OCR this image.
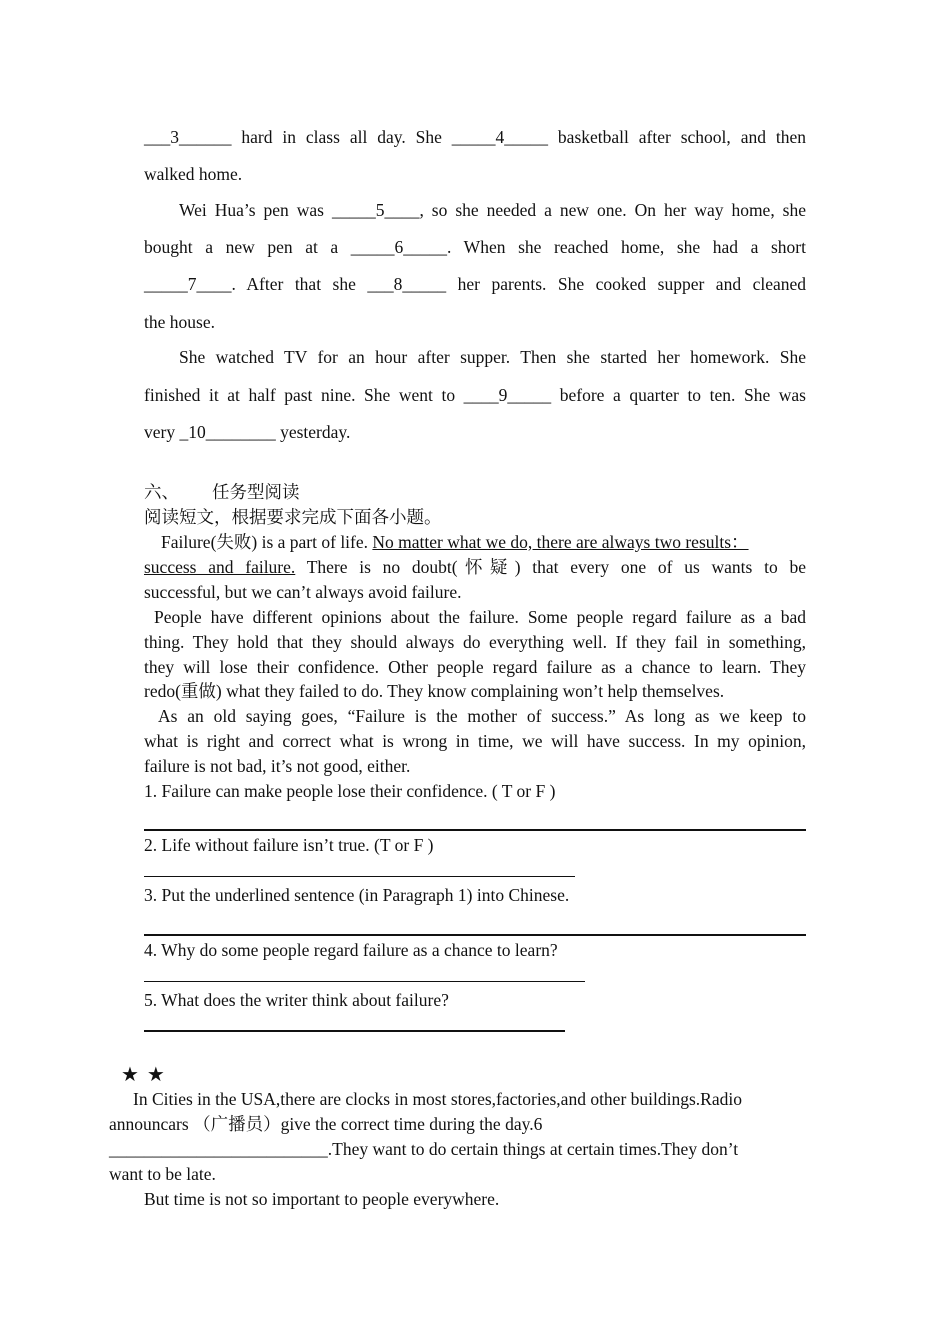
___3______ hard in class all day. She _____4_____ basketball after school, and then
walked home.
Wei Hua’s pen was _____5____, so she needed a new one. On her way home, she
bought a new pen at a _____6_____. When she reached home, she had a short
_____7____. After that she ___8_____ her parents. She cooked supper and cleaned
the house.
She watched TV for an hour after supper. Then she started her homework. She
finished it at half past nine. She went to ____9_____ before a quarter to ten. She was
very _10________ yesterday.
六、 任务型阅读
阅读短文，根据要求完成下面各小题。
Failure(失败) is a part of life. No matter what we do, there are always two results：
success and failure. There is no doubt(怀疑) that every one of us wants to be
successful, but we can’t always avoid failure.
People have different opinions about the failure. Some people regard failure as a bad
thing. They hold that they should always do everything well. If they fail in something,
they will lose their confidence. Other people regard failure as a chance to learn. They
redo(重做) what they failed to do. They know complaining won’t help themselves.
As an old saying goes, “Failure is the mother of success.” As long as we keep to
what is right and correct what is wrong in time, we will have success. In my opinion,
failure is not bad, it’s not good, either.
1. Failure can make people lose their confidence. ( T or F )
2. Life without failure isn’t true. (T or F )
3. Put the underlined sentence (in Paragraph 1) into Chinese.
4. Why do some people regard failure as a chance to learn?
5. What does the writer think about failure?
★★
In Cities in the USA,there are clocks in most stores,factories,and other buildings.Radio
announcars （广播员）give the correct time during the day.6
_________________________.They want to do certain things at certain times.They don’t
want to be late.
But time is not so important to people everywhere.
